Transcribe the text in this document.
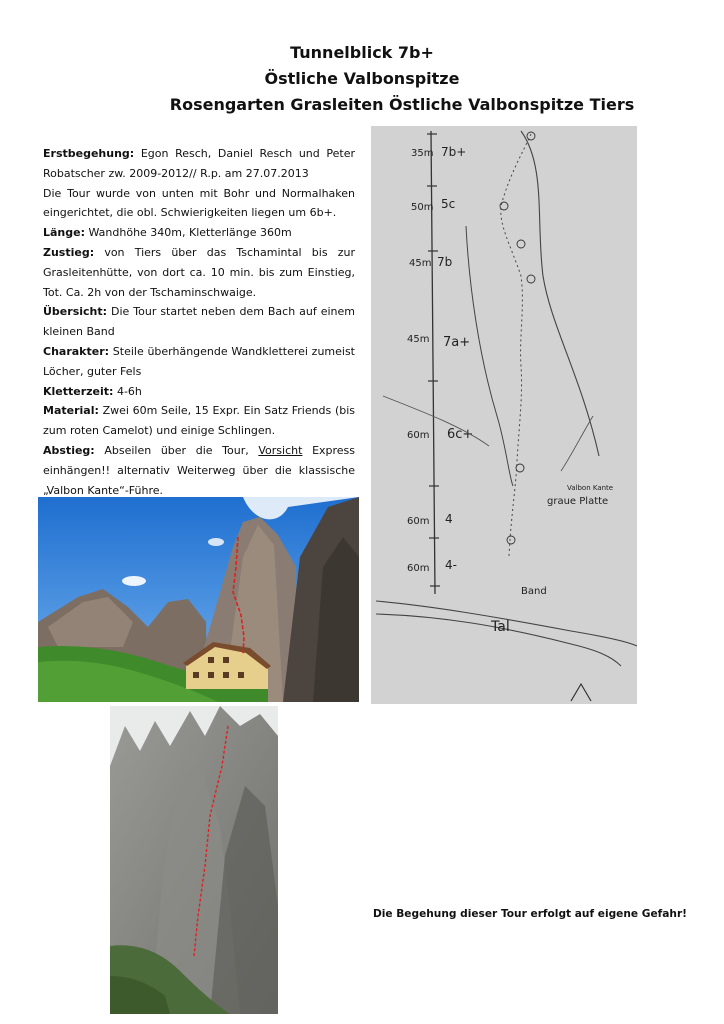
Tunnelblick 7b+
Östliche Valbonspitze
Rosengarten Grasleiten Östliche Valbonspitze Tiers

Erstbegehung: Egon Resch, Daniel Resch und Peter Robatscher zw. 2009-2012// R.p. am 27.07.2013

Die Tour wurde von unten mit Bohr und Normalhaken eingerichtet, die obl. Schwierigkeiten liegen um 6b+.

Länge: Wandhöhe 340m, Kletterlänge 360m

Zustieg: von Tiers über das Tschamintal bis zur Grasleitenhütte, von dort ca. 10 min. bis zum Einstieg, Tot. Ca. 2h von der Tschaminschwaige.

Übersicht: Die Tour startet neben dem Bach auf einem kleinen Band

Charakter: Steile überhängende Wandkletterei zumeist Löcher, guter Fels

Kletterzeit: 4-6h

Material: Zwei 60m Seile, 15 Expr. Ein Satz Friends (bis zum roten Camelot) und einige Schlingen.

Abstieg: Abseilen über die Tour, Vorsicht Express einhängen!! alternativ Weiterweg über die klassische „Valbon Kante“-Führe.

35m 7b+
50m 5c
45m 7b
45m 7a+
60m 6c+
60m 4
60m 4-
graue Platte
Valbon Kante
Band
Tal
Die Begehung dieser Tour erfolgt auf eigene Gefahr!
